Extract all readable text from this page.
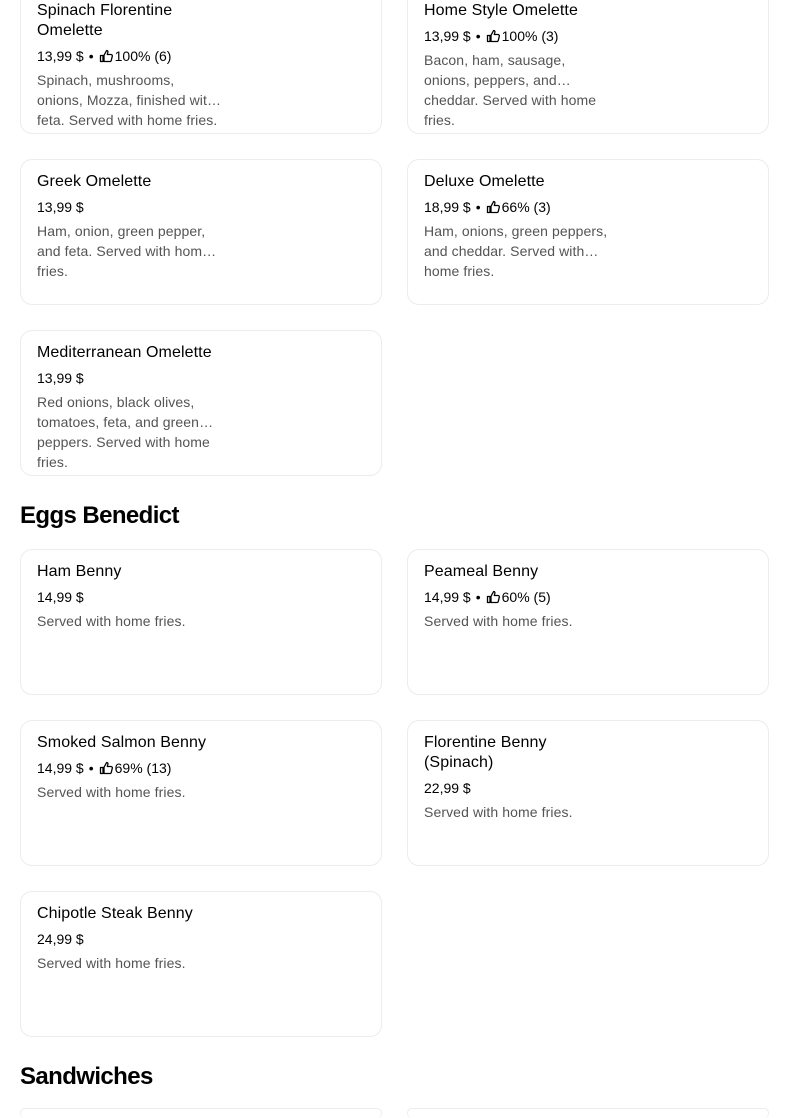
Spinach Florentine Omelette
13,99 $ • 100% (6)
Spinach, mushrooms, onions, Mozza, finished with feta. Served with home fries.
Home Style Omelette
13,99 $ • 100% (3)
Bacon, ham, sausage, onions, peppers, and cheddar. Served with home fries.
Greek Omelette
13,99 $
Ham, onion, green pepper, and feta. Served with home fries.
Deluxe Omelette
18,99 $ • 66% (3)
Ham, onions, green peppers, and cheddar. Served with home fries.
Mediterranean Omelette
13,99 $
Red onions, black olives, tomatoes, feta, and green peppers. Served with home fries.
Eggs Benedict
Ham Benny
14,99 $
Served with home fries.
Peameal Benny
14,99 $ • 60% (5)
Served with home fries.
Smoked Salmon Benny
14,99 $ • 69% (13)
Served with home fries.
Florentine Benny (Spinach)
22,99 $
Served with home fries.
Chipotle Steak Benny
24,99 $
Served with home fries.
Sandwiches
